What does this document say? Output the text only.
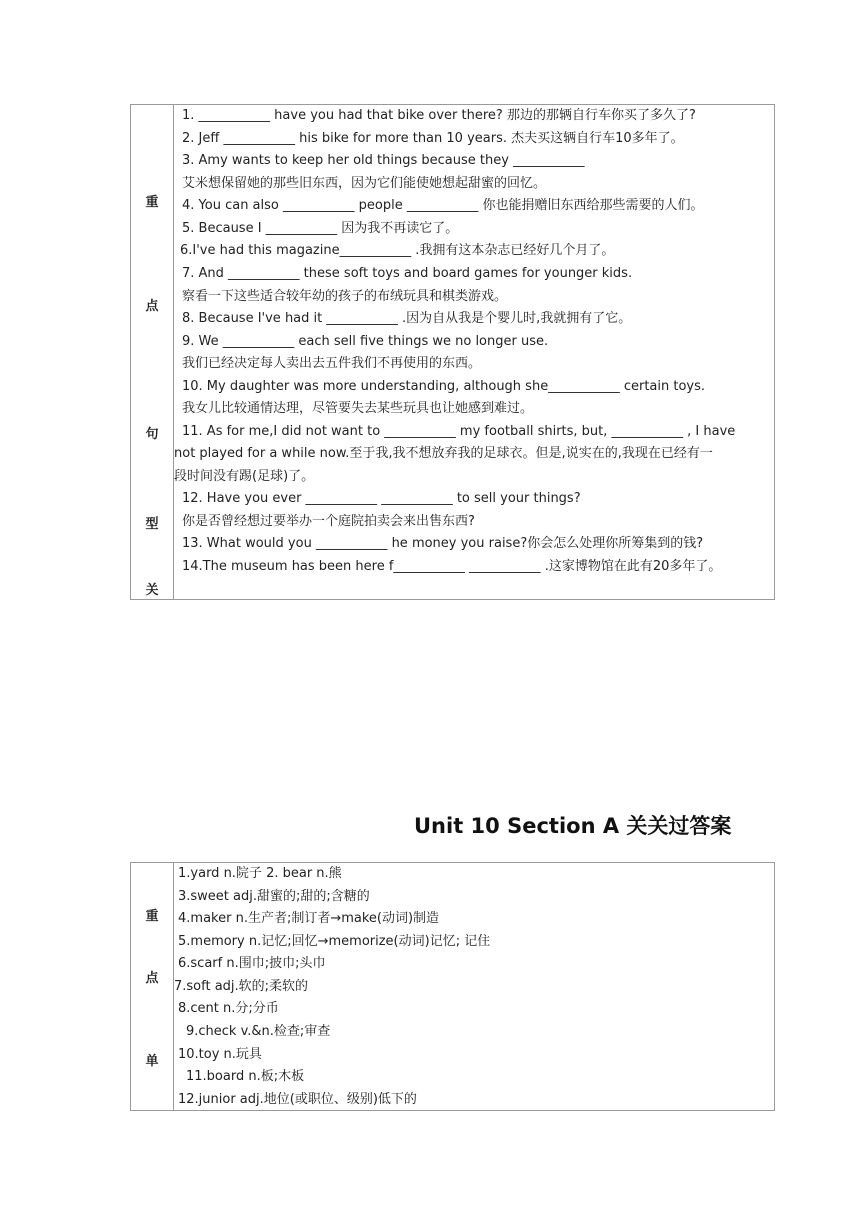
重
点
句
型
关
1. ___________ have you had that bike over there? 那边的那辆自行车你买了多久了?
2. Jeff ___________ his bike for more than 10 years. 杰夫买这辆自行车10多年了。
3. Amy wants to keep her old things because they ___________
艾米想保留她的那些旧东西，因为它们能使她想起甜蜜的回忆。
4. You can also ___________ people ___________ 你也能捐赠旧东西给那些需要的人们。
5. Because I ___________ 因为我不再读它了。
6.I've had this magazine___________ .我拥有这本杂志已经好几个月了。
7. And ___________ these soft toys and board games for younger kids.
察看一下这些适合较年幼的孩子的布绒玩具和棋类游戏。
8. Because I've had it ___________ .因为自从我是个婴儿时,我就拥有了它。
9. We ___________ each sell five things we no longer use.
我们已经决定每人卖出去五件我们不再使用的东西。
10. My daughter was more understanding, although she___________ certain toys.
我女儿比较通情达理，尽管要失去某些玩具也让她感到难过。
11. As for me,I did not want to ___________ my football shirts, but, ___________ , I have
not played for a while now.至于我,我不想放弃我的足球衣。但是,说实在的,我现在已经有一
段时间没有踢(足球)了。
12. Have you ever ___________ ___________ to sell your things?
你是否曾经想过要举办一个庭院拍卖会来出售东西?
13. What would you ___________ he money you raise?你会怎么处理你所筹集到的钱?
14.The museum has been here f___________ ___________ .这家博物馆在此有20多年了。
Unit 10 Section A 关关过答案
重
点
单
1.yard n.院子 2. bear n.熊
3.sweet adj.甜蜜的;甜的;含糖的
4.maker n.生产者;制订者→make(动词)制造
5.memory n.记忆;回忆→memorize(动词)记忆; 记住
6.scarf n.围巾;披巾;头巾
7.soft adj.软的;柔软的
8.cent n.分;分币
9.check v.&n.检查;审查
10.toy n.玩具
11.board n.板;木板
12.junior adj.地位(或职位、级别)低下的
